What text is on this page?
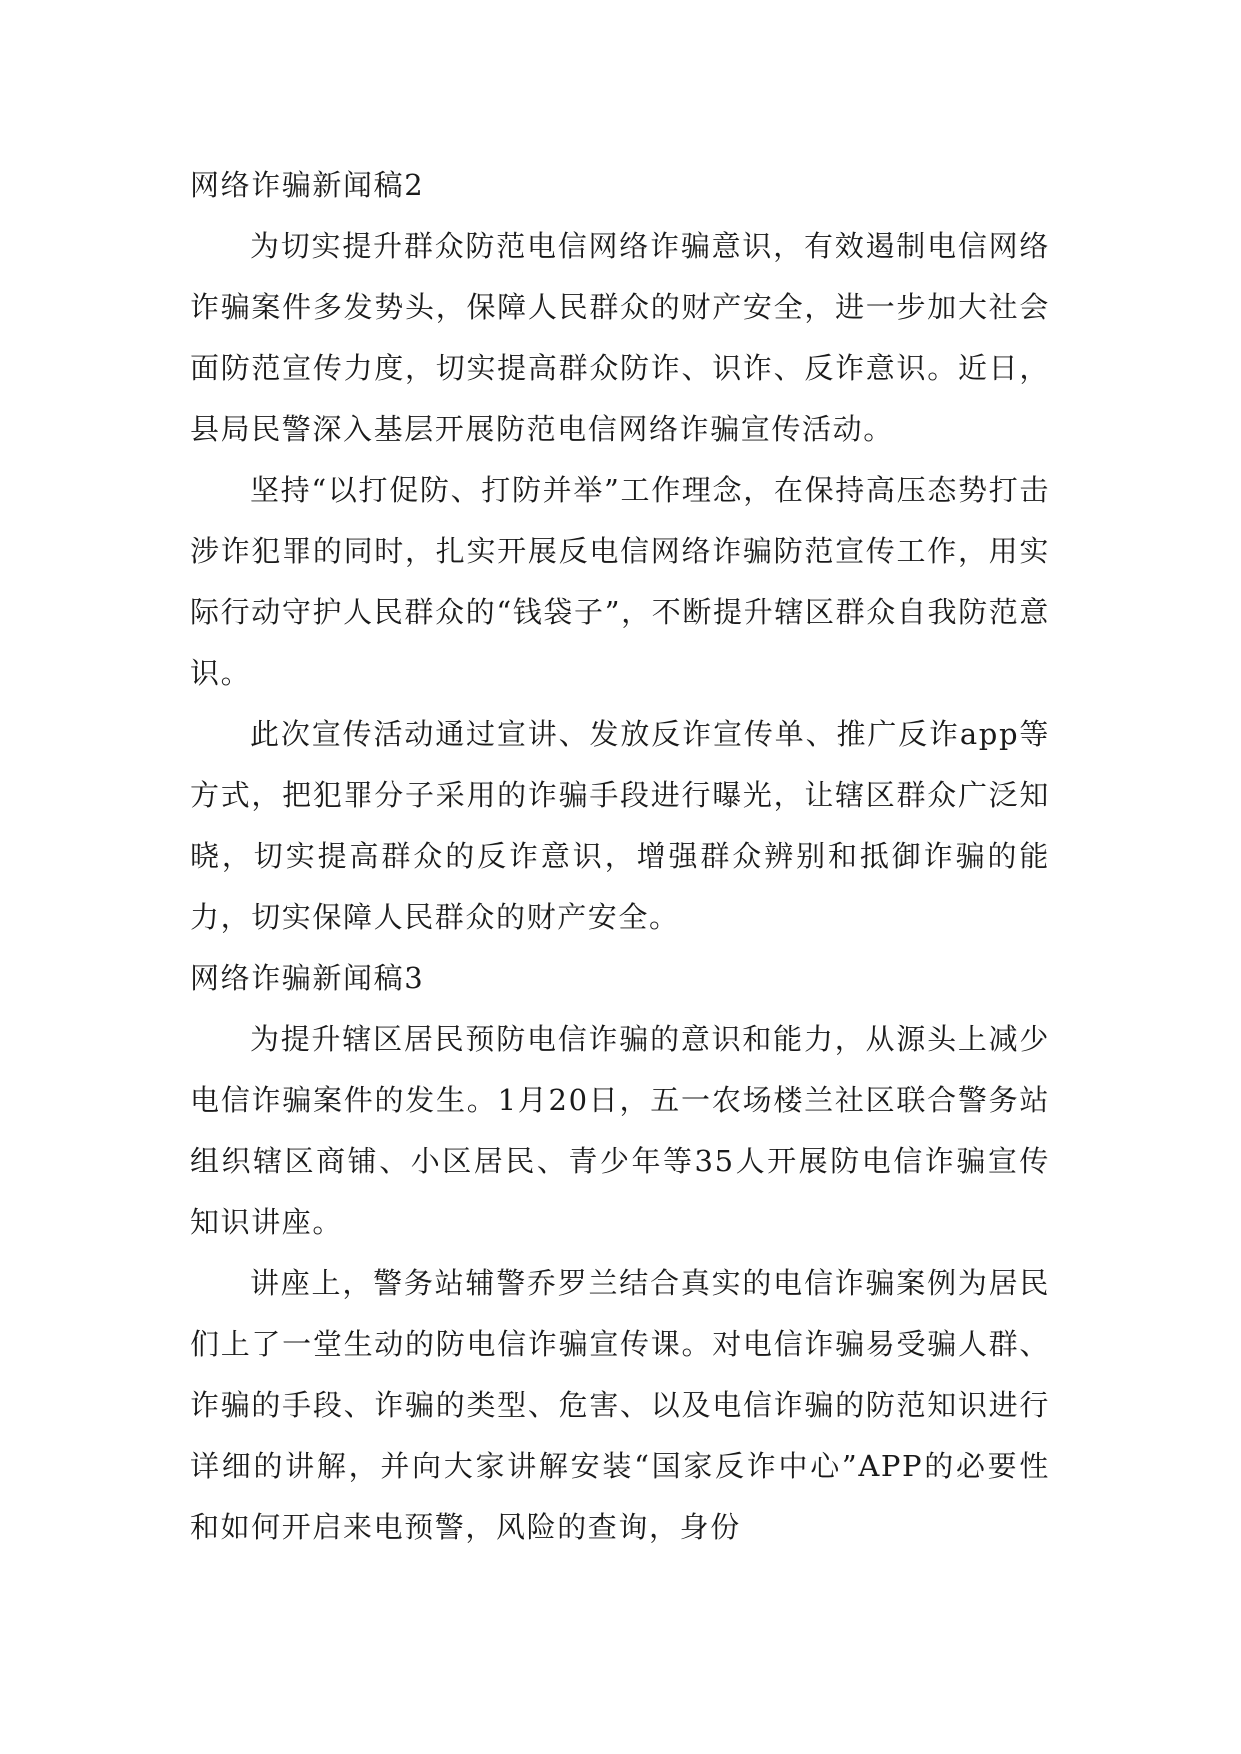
网络诈骗新闻稿2

为切实提升群众防范电信网络诈骗意识，有效遏制电信网络诈骗案件多发势头，保障人民群众的财产安全，进一步加大社会面防范宣传力度，切实提高群众防诈、识诈、反诈意识。近日，县局民警深入基层开展防范电信网络诈骗宣传活动。

坚持“以打促防、打防并举”工作理念，在保持高压态势打击涉诈犯罪的同时，扎实开展反电信网络诈骗防范宣传工作，用实际行动守护人民群众的“钱袋子”，不断提升辖区群众自我防范意识。

此次宣传活动通过宣讲、发放反诈宣传单、推广反诈app等方式，把犯罪分子采用的诈骗手段进行曝光，让辖区群众广泛知晓，切实提高群众的反诈意识，增强群众辨别和抵御诈骗的能力，切实保障人民群众的财产安全。

网络诈骗新闻稿3

为提升辖区居民预防电信诈骗的意识和能力，从源头上减少电信诈骗案件的发生。1月20日，五一农场楼兰社区联合警务站组织辖区商铺、小区居民、青少年等35人开展防电信诈骗宣传知识讲座。

讲座上，警务站辅警乔罗兰结合真实的电信诈骗案例为居民们上了一堂生动的防电信诈骗宣传课。对电信诈骗易受骗人群、诈骗的手段、诈骗的类型、危害、以及电信诈骗的防范知识进行详细的讲解，并向大家讲解安装“国家反诈中心”APP的必要性和如何开启来电预警，风险的查询，身份
